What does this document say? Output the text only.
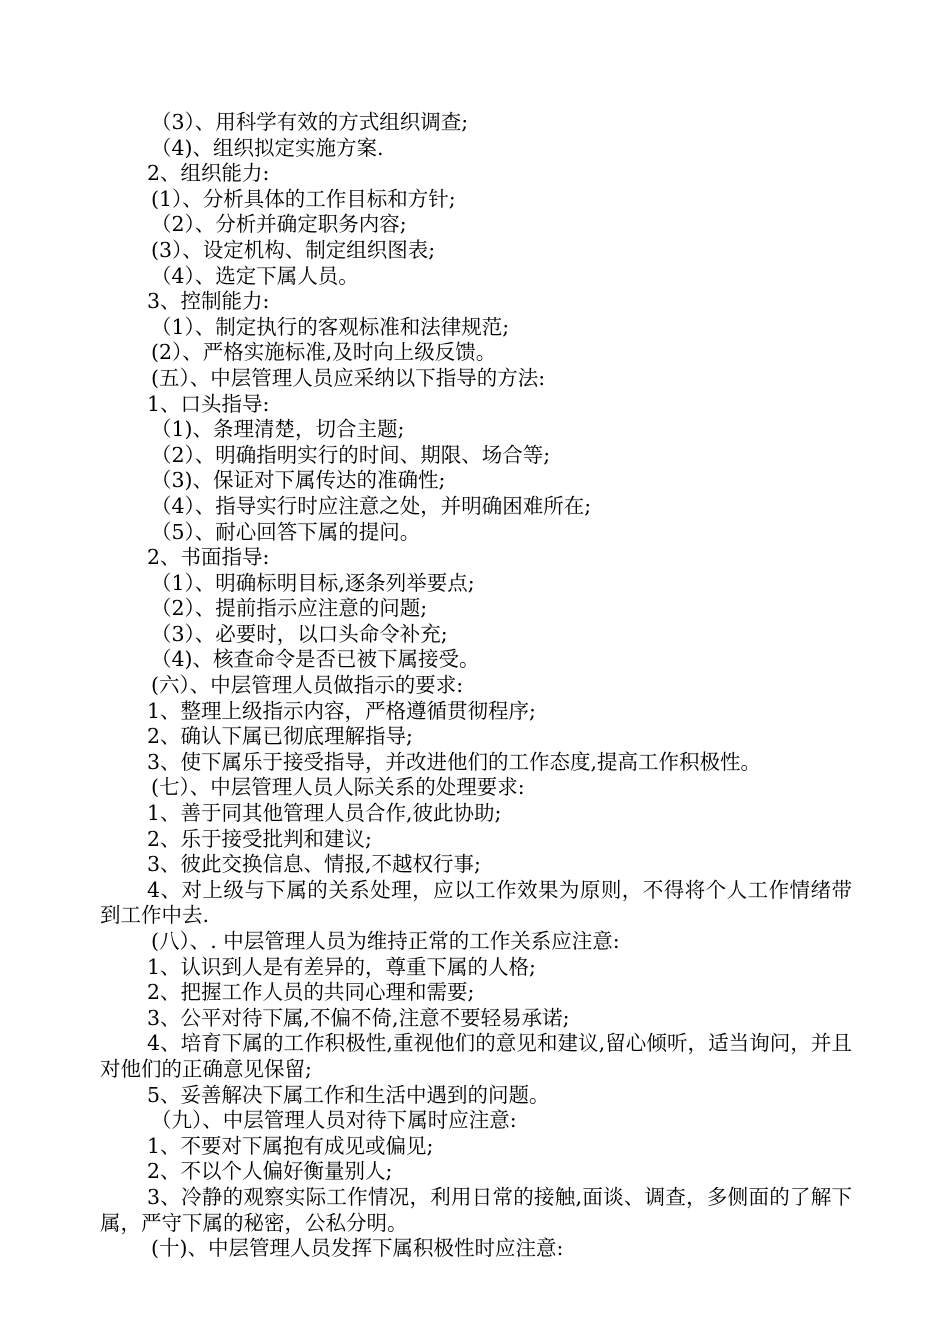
（3）、用科学有效的方式组织调查;

（4)、组织拟定实施方案.

2、组织能力:

(1）、分析具体的工作目标和方针;

（2）、分析并确定职务内容;

(3）、设定机构、制定组织图表;

（4）、选定下属人员。

3、控制能力:

（1）、制定执行的客观标准和法律规范;

(2）、严格实施标准,及时向上级反馈。

(五）、中层管理人员应采纳以下指导的方法:

1、口头指导:

（1)、条理清楚，切合主题;

（2）、明确指明实行的时间、期限、场合等;

（3)、保证对下属传达的准确性;

（4）、指导实行时应注意之处，并明确困难所在;

（5）、耐心回答下属的提问。

2、书面指导:

（1）、明确标明目标,逐条列举要点;

（2）、提前指示应注意的问题;

（3）、必要时，以口头命令补充;

（4)、核查命令是否已被下属接受。

(六）、中层管理人员做指示的要求:

1、整理上级指示内容，严格遵循贯彻程序;

2、确认下属已彻底理解指导;

3、使下属乐于接受指导，并改进他们的工作态度,提高工作积极性。

(七）、中层管理人员人际关系的处理要求:

1、善于同其他管理人员合作,彼此协助;

2、乐于接受批判和建议;

3、彼此交换信息、情报,不越权行事;

4、对上级与下属的关系处理，应以工作效果为原则，不得将个人工作情绪带到工作中去.

(八）、. 中层管理人员为维持正常的工作关系应注意:

1、认识到人是有差异的，尊重下属的人格;

2、把握工作人员的共同心理和需要;

3、公平对待下属,不偏不倚,注意不要轻易承诺;

4、培育下属的工作积极性,重视他们的意见和建议,留心倾听，适当询问，并且对他们的正确意见保留;

5、妥善解决下属工作和生活中遇到的问题。

（九）、中层管理人员对待下属时应注意:

1、不要对下属抱有成见或偏见;

2、不以个人偏好衡量别人;

3、冷静的观察实际工作情况，利用日常的接触,面谈、调查，多侧面的了解下属，严守下属的秘密，公私分明。

(十)、中层管理人员发挥下属积极性时应注意:
